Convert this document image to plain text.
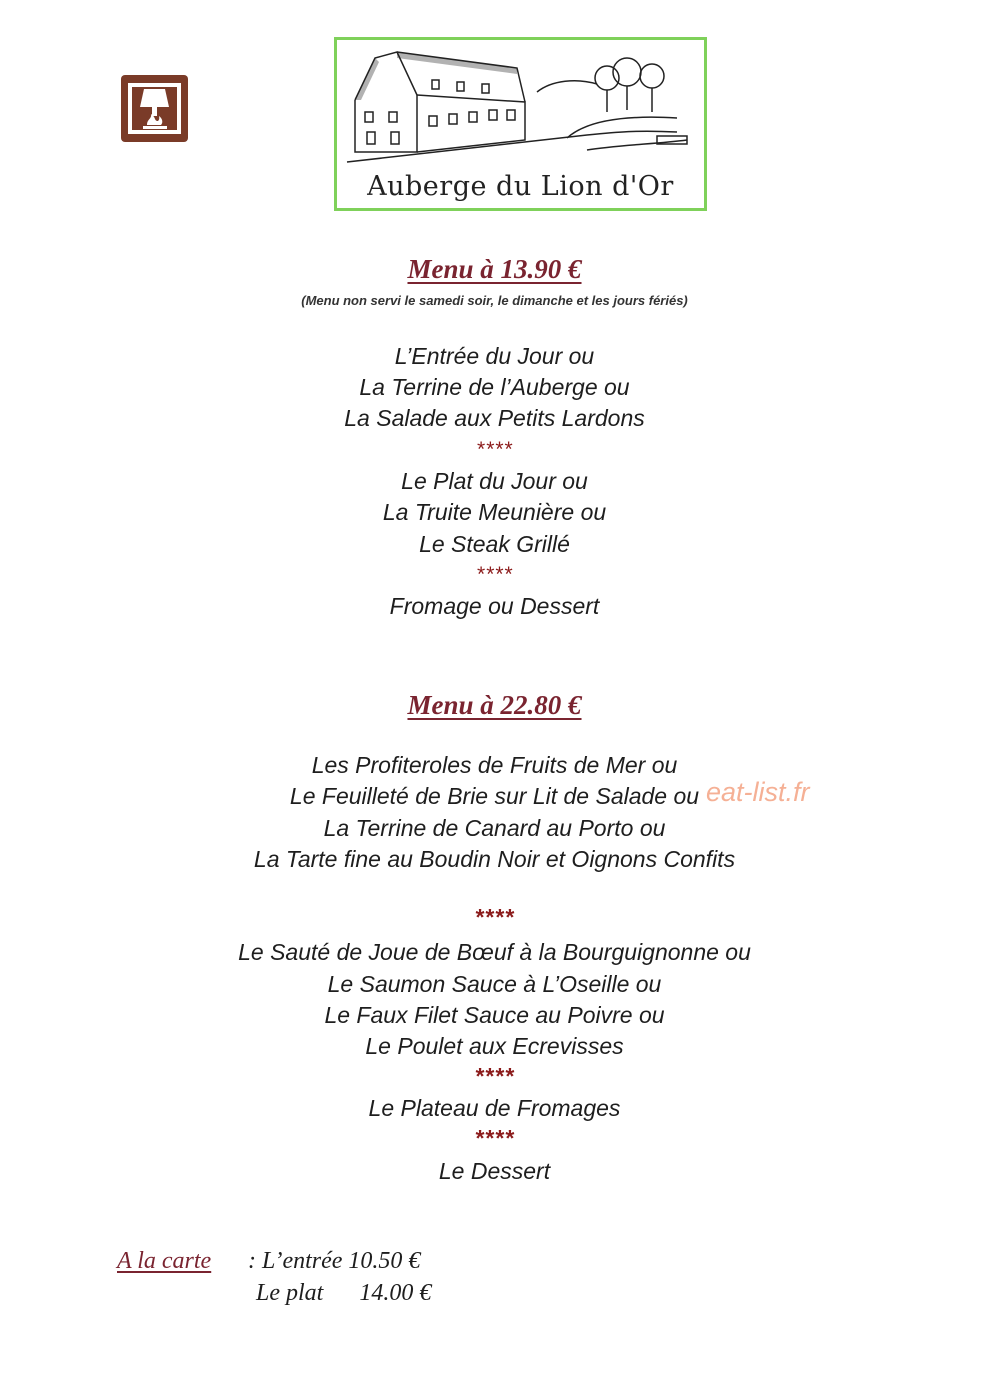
Auberge du Lion d'Or
Menu à 13.90 €
(Menu non servi le samedi soir, le dimanche et les jours fériés)
L’Entrée du Jour ou
La Terrine de l’Auberge ou
La Salade aux Petits Lardons
****
Le Plat du Jour ou
La Truite Meunière ou
Le Steak Grillé
****
Fromage ou Dessert
Menu à 22.80 €
Les Profiteroles de Fruits de Mer ou
Le Feuilleté de Brie sur Lit de Salade ou eat-list.fr
La Terrine de Canard au Porto ou
La Tarte fine au Boudin Noir et Oignons Confits
****
Le Sauté de Joue de Bœuf à la Bourguignonne ou
Le Saumon Sauce à L’Oseille ou
Le Faux Filet Sauce au Poivre ou
Le Poulet aux Ecrevisses
****
Le Plateau de Fromages
****
Le Dessert
A la carte : L’entrée 10.50 €
Le plat      14.00 €
